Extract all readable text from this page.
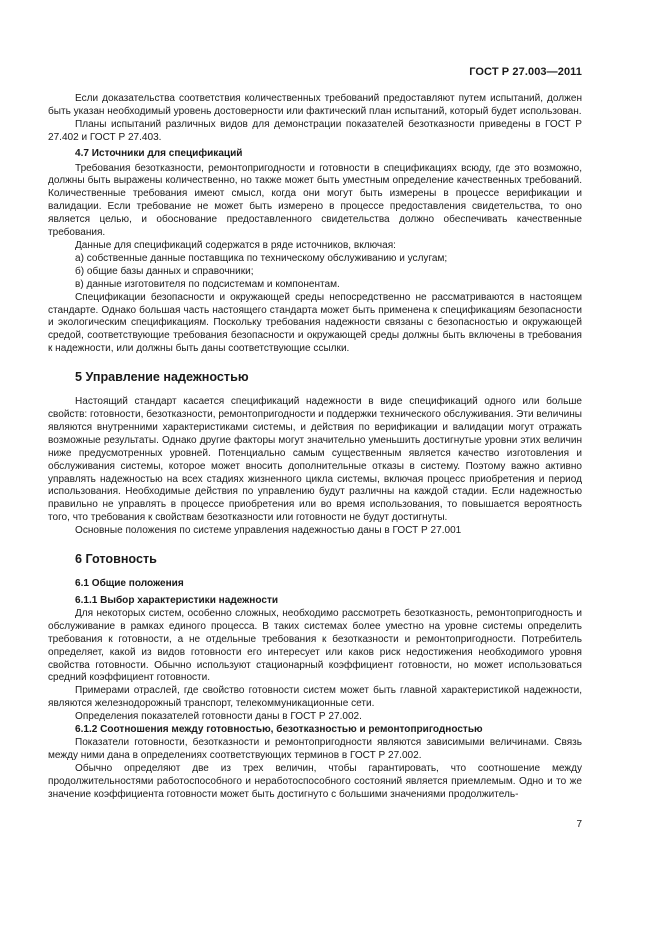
ГОСТ Р 27.003—2011

Если доказательства соответствия количественных требований предоставляют путем испытаний, должен быть указан необходимый уровень достоверности или фактический план испытаний, который будет использован.

Планы испытаний различных видов для демонстрации показателей безотказности приведены в ГОСТ Р 27.402 и ГОСТ Р 27.403.

4.7 Источники для спецификаций

Требования безотказности, ремонтопригодности и готовности в спецификациях всюду, где это возможно, должны быть выражены количественно, но также может быть уместным определение качественных требований. Количественные требования имеют смысл, когда они могут быть измерены в процессе верификации и валидации. Если требование не может быть измерено в процессе предоставления свидетельства, то оно является целью, и обоснование предоставленного свидетельства должно обеспечивать качественные требования.

Данные для спецификаций содержатся в ряде источников, включая:

а) собственные данные поставщика по техническому обслуживанию и услугам;
б) общие базы данных и справочники;
в) данные изготовителя по подсистемам и компонентам.

Спецификации безопасности и окружающей среды непосредственно не рассматриваются в настоящем стандарте. Однако большая часть настоящего стандарта может быть применена к спецификациям безопасности и экологическим спецификациям. Поскольку требования надежности связаны с безопасностью и окружающей средой, соответствующие требования безопасности и окружающей среды должны быть включены в требования к надежности, или должны быть даны соответствующие ссылки.

5 Управление надежностью

Настоящий стандарт касается спецификаций надежности в виде спецификаций одного или больше свойств: готовности, безотказности, ремонтопригодности и поддержки технического обслуживания. Эти величины являются внутренними характеристиками системы, и действия по верификации и валидации могут отражать возможные результаты. Однако другие факторы могут значительно уменьшить достигнутые уровни этих величин ниже предусмотренных уровней. Потенциально самым существенным является качество изготовления и обслуживания системы, которое может вносить дополнительные отказы в систему. Поэтому важно активно управлять надежностью на всех стадиях жизненного цикла системы, включая процесс приобретения и период использования. Необходимые действия по управлению будут различны на каждой стадии. Если надежностью правильно не управлять в процессе приобретения или во время использования, то повышается вероятность того, что требования к свойствам безотказности или готовности не будут достигнуты.

Основные положения по системе управления надежностью даны в ГОСТ Р 27.001

6 Готовность
6.1 Общие положения
6.1.1 Выбор характеристики надежности

Для некоторых систем, особенно сложных, необходимо рассмотреть безотказность, ремонтопригодность и обслуживание в рамках единого процесса. В таких системах более уместно на уровне системы определить требования к готовности, а не отдельные требования к безотказности и ремонтопригодности. Потребитель определяет, какой из видов готовности его интересует или каков риск недостижения необходимого уровня свойства готовности. Обычно используют стационарный коэффициент готовности, но может использоваться средний коэффициент готовности.

Примерами отраслей, где свойство готовности систем может быть главной характеристикой надежности, являются железнодорожный транспорт, телекоммуникационные сети.

Определения показателей готовности даны в ГОСТ Р 27.002.

6.1.2 Соотношения между готовностью, безотказностью и ремонтопригодностью

Показатели готовности, безотказности и ремонтопригодности являются зависимыми величинами. Связь между ними дана в определениях соответствующих терминов в ГОСТ Р 27.002.

Обычно определяют две из трех величин, чтобы гарантировать, что соотношение между продолжительностями работоспособного и неработоспособного состояний является приемлемым. Одно и то же значение коэффициента готовности может быть достигнуто с большими значениями продолжитель-

7
